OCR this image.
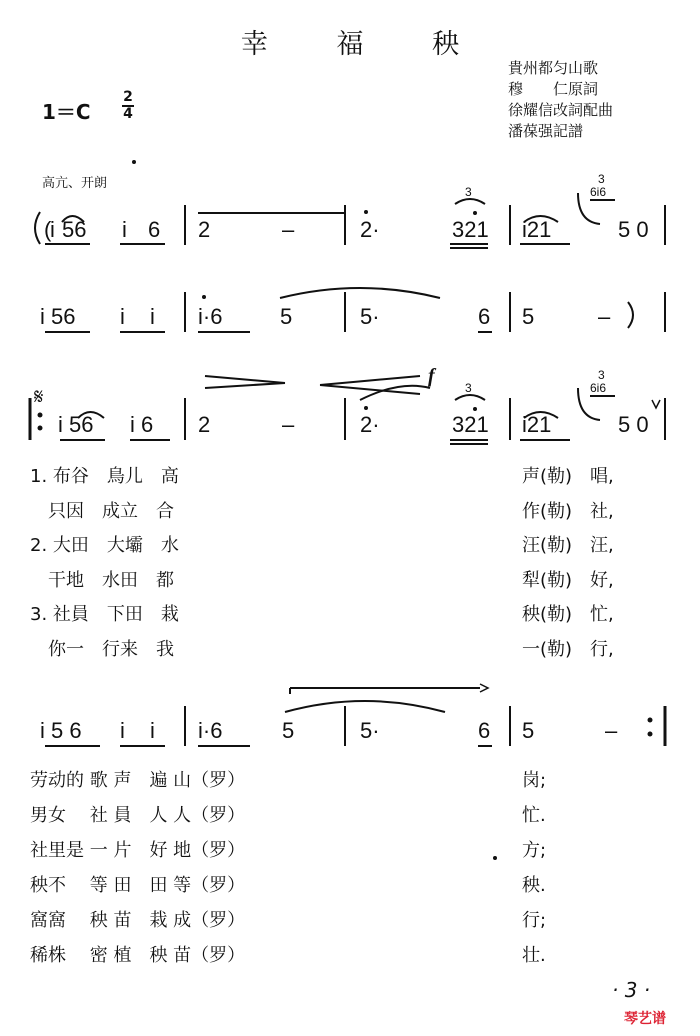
幸 福 秧
貴州都匀山歌
穆　　仁原詞
徐耀信改詞配曲
潘葆强記譜
1＝C
2
4
高亢、开朗
(
i 56 i 6 2	–	2·	321 i21	5 0
6i6
3
3
i 56 i i i·6	5	5·	6 5	–
𝄋
i 56 i 6 2	–	2·	321 i21	5 0
6i6
3
3
f
i 5 6 i i i·6	5	5·	6 5	–
1. 布谷　鳥儿　高
　只因　成立　合
2. 大田　大壩　水
　干地　水田　都
3. 社員　下田　栽
　你一　行来　我
声(勒)　唱,
作(勒)　社,
汪(勒)　汪,
犁(勒)　好,
秧(勒)　忙,
一(勒)　行,
劳动的 歌 声　遍 山（罗）
男女　 社 員　人 人（罗）
社里是 一 片　好 地（罗）
秧不　 等 田　田 等（罗）
窩窩　 秧 苗　栽 成（罗）
稀株　 密 植　秧 苗（罗）
岗;
忙.
方;
秧.
行;
壮.
· 3 ·
琴艺谱
